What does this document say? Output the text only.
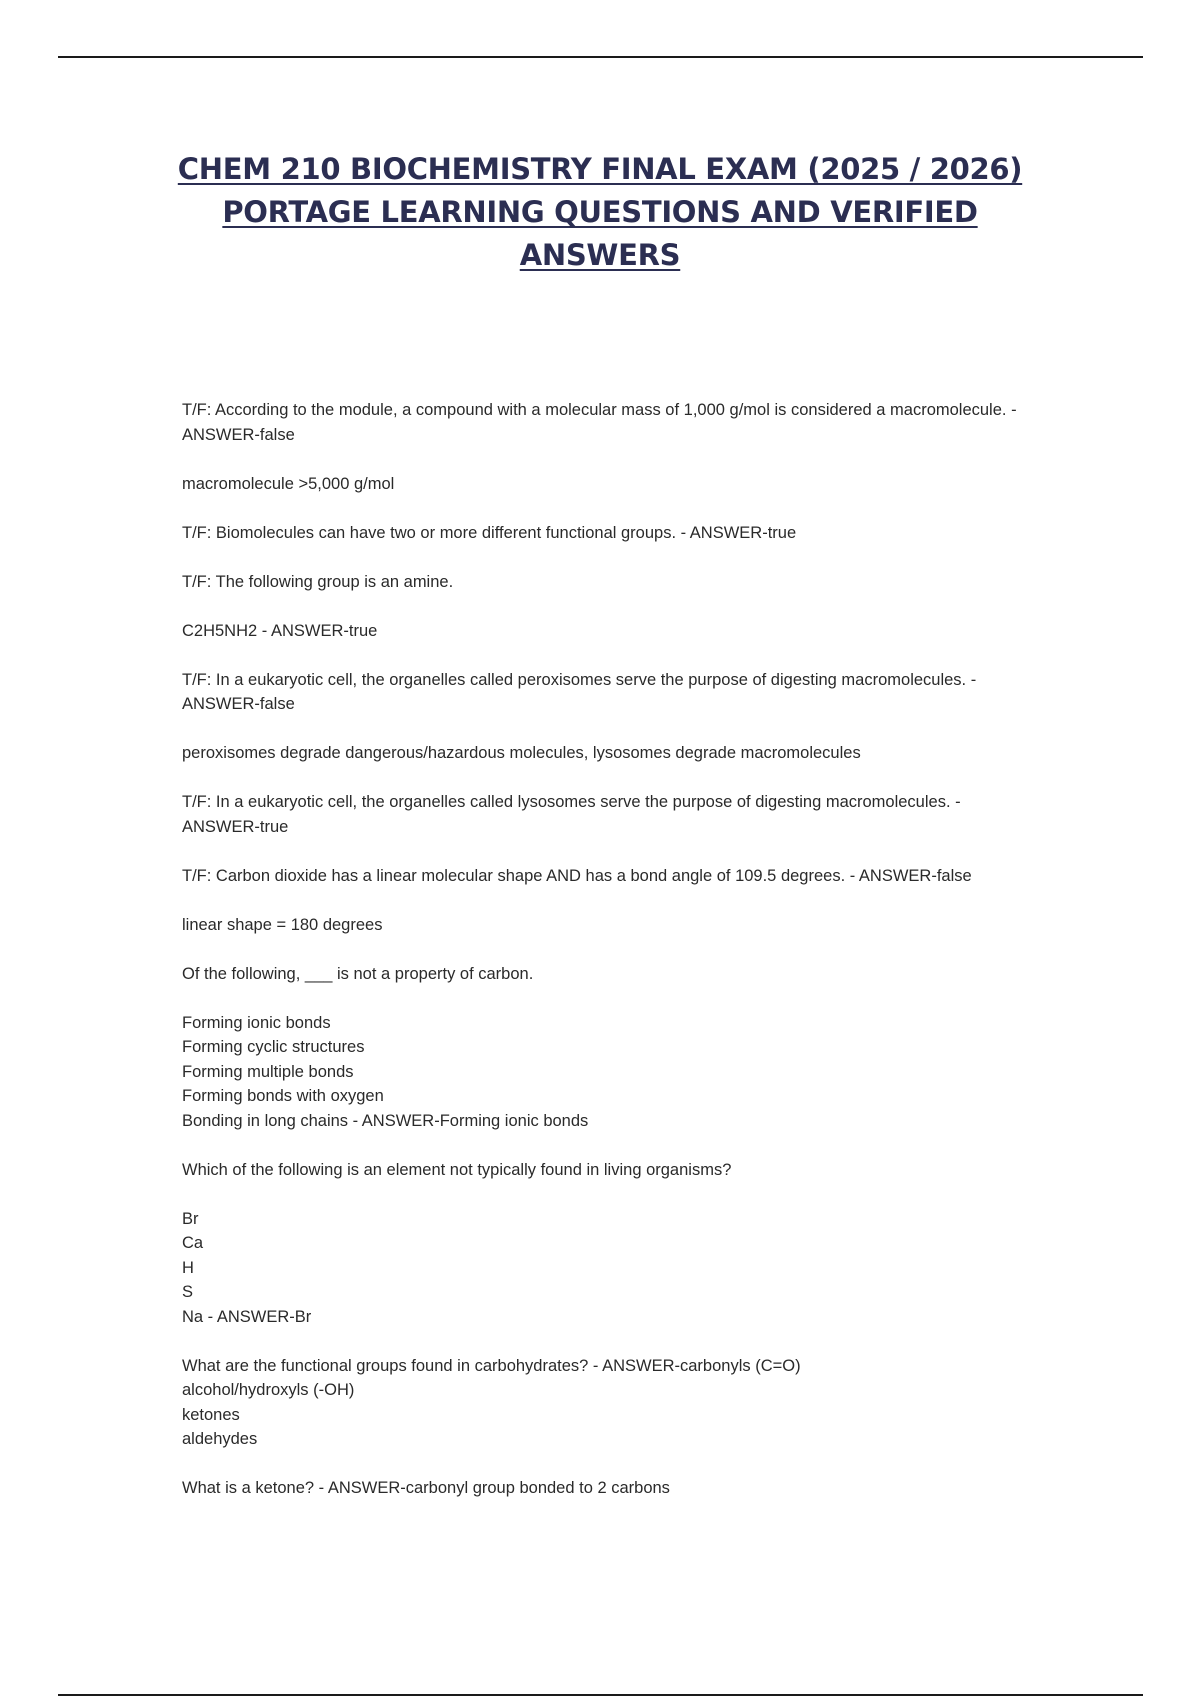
CHEM 210 BIOCHEMISTRY FINAL EXAM (2025 / 2026)
PORTAGE LEARNING QUESTIONS AND VERIFIED
ANSWERS

T/F: According to the module, a compound with a molecular mass of 1,000 g/mol is considered a macromolecule. - ANSWER-false

macromolecule >5,000 g/mol

T/F: Biomolecules can have two or more different functional groups. - ANSWER-true

T/F: The following group is an amine.

C2H5NH2 - ANSWER-true

T/F: In a eukaryotic cell, the organelles called peroxisomes serve the purpose of digesting macromolecules. - ANSWER-false

peroxisomes degrade dangerous/hazardous molecules, lysosomes degrade macromolecules

T/F: In a eukaryotic cell, the organelles called lysosomes serve the purpose of digesting macromolecules. - ANSWER-true

T/F: Carbon dioxide has a linear molecular shape AND has a bond angle of 109.5 degrees. - ANSWER-false

linear shape = 180 degrees

Of the following, ___ is not a property of carbon.

Forming ionic bonds
Forming cyclic structures
Forming multiple bonds
Forming bonds with oxygen
Bonding in long chains - ANSWER-Forming ionic bonds

Which of the following is an element not typically found in living organisms?

Br
Ca
H
S
Na - ANSWER-Br

What are the functional groups found in carbohydrates? - ANSWER-carbonyls (C=O)
alcohol/hydroxyls (-OH)
ketones
aldehydes

What is a ketone? - ANSWER-carbonyl group bonded to 2 carbons
